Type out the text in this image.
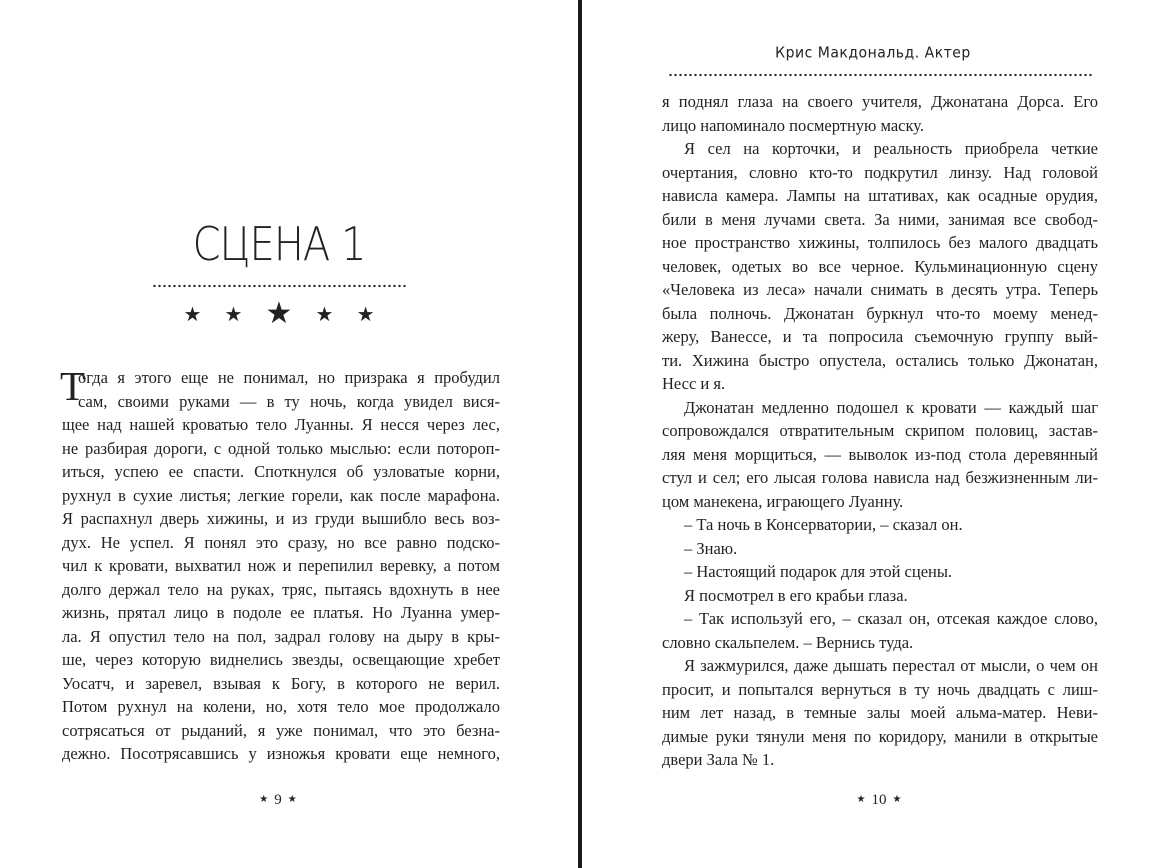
СЦЕНА 1
★ ★ ★ ★ ★
Т
огда я этого еще не понимал, но призрака я пробудил
сам, своими руками — в ту ночь, когда увидел вися-
щее над нашей кроватью тело Луанны. Я несся через лес,
не разбирая дороги, с одной только мыслью: если потороп-
иться, успею ее спасти. Споткнулся об узловатые корни,
рухнул в сухие листья; легкие горели, как после марафона.
Я распахнул дверь хижины, и из груди вышибло весь воз-
дух. Не успел. Я понял это сразу, но все равно подско-
чил к кровати, выхватил нож и перепилил веревку, а потом
долго держал тело на руках, тряс, пытаясь вдохнуть в нее
жизнь, прятал лицо в подоле ее платья. Но Луанна умер-
ла. Я опустил тело на пол, задрал голову на дыру в кры-
ше, через которую виднелись звезды, освещающие хребет
Уосатч, и заревел, взывая к Богу, в которого не верил.
Потом рухнул на колени, но, хотя тело мое продолжало
сотрясаться от рыданий, я уже понимал, что это безна-
дежно. Посотрясавшись у изножья кровати еще немного,
★ 9 ★
Крис Макдональд. Актер
я поднял глаза на своего учителя, Джонатана Дорса. Его
лицо напоминало посмертную маску.
Я сел на корточки, и реальность приобрела четкие
очертания, словно кто-то подкрутил линзу. Над головой
нависла камера. Лампы на штативах, как осадные орудия,
били в меня лучами света. За ними, занимая все свобод-
ное пространство хижины, толпилось без малого двадцать
человек, одетых во все черное. Кульминационную сцену
«Человека из леса» начали снимать в десять утра. Теперь
была полночь. Джонатан буркнул что-то моему менед-
жеру, Ванессе, и та попросила съемочную группу вый-
ти. Хижина быстро опустела, остались только Джонатан,
Несс и я.
Джонатан медленно подошел к кровати — каждый шаг
сопровождался отвратительным скрипом половиц, застав-
ляя меня морщиться, — выволок из-под стола деревянный
стул и сел; его лысая голова нависла над безжизненным ли-
цом манекена, играющего Луанну.
– Та ночь в Консерватории, – сказал он.
– Знаю.
– Настоящий подарок для этой сцены.
Я посмотрел в его крабьи глаза.
– Так используй его, – сказал он, отсекая каждое слово,
словно скальпелем. – Вернись туда.
Я зажмурился, даже дышать перестал от мысли, о чем он
просит, и попытался вернуться в ту ночь двадцать с лиш-
ним лет назад, в темные залы моей альма-матер. Неви-
димые руки тянули меня по коридору, манили в открытые
двери Зала № 1.
★ 10 ★
